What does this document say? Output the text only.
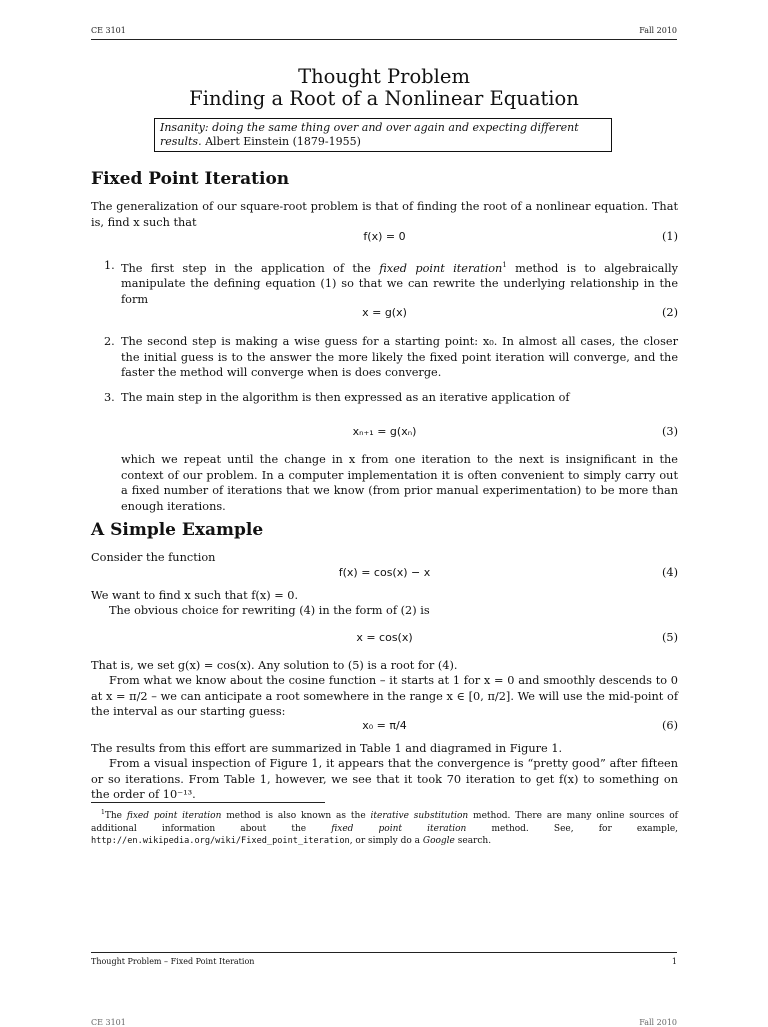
CE 3101	Fall 2010
Thought Problem
Finding a Root of a Nonlinear Equation
Insanity: doing the same thing over and over again and expecting different results. Albert Einstein (1879-1955)
Fixed Point Iteration
The generalization of our square-root problem is that of finding the root of a nonlinear equation. That is, find x such that
f(x) = 0	(1)
1. The first step in the application of the fixed point iteration$^1$ method is to algebraically manipulate the defining equation (1) so that we can rewrite the underlying relationship in the form
x = g(x)	(2)
2. The second step is making a wise guess for a starting point: x₀. In almost all cases, the closer the initial guess is to the answer the more likely the fixed point iteration will converge, and the faster the method will converge when is does converge.
3. The main step in the algorithm is then expressed as an iterative application of
xₙ₊₁ = g(xₙ)	(3)
which we repeat until the change in x from one iteration to the next is insignificant in the context of our problem. In a computer implementation it is often convenient to simply carry out a fixed number of iterations that we know (from prior manual experimentation) to be more than enough iterations.
A Simple Example
Consider the function
f(x) = cos(x) − x	(4)
We want to find x such that f(x) = 0.
The obvious choice for rewriting (4) in the form of (2) is
x = cos(x)	(5)
That is, we set g(x) = cos(x). Any solution to (5) is a root for (4).
From what we know about the cosine function – it starts at 1 for x = 0 and smoothly descends to 0 at x = π/2 – we can anticipate a root somewhere in the range x ∈ [0, π/2]. We will use the mid-point of the interval as our starting guess:
x₀ = π/4	(6)
The results from this effort are summarized in Table 1 and diagramed in Figure 1.
From a visual inspection of Figure 1, it appears that the convergence is “pretty good” after fifteen or so iterations. From Table 1, however, we see that it took 70 iteration to get f(x) to something on the order of 10⁻¹³.
$^1$The fixed point iteration method is also known as the iterative substitution method. There are many online sources of additional information about the fixed point iteration method. See, for example, http://en.wikipedia.org/wiki/Fixed_point_iteration, or simply do a Google search.
Thought Problem – Fixed Point Iteration	1
CE 3101	Fall 2010
